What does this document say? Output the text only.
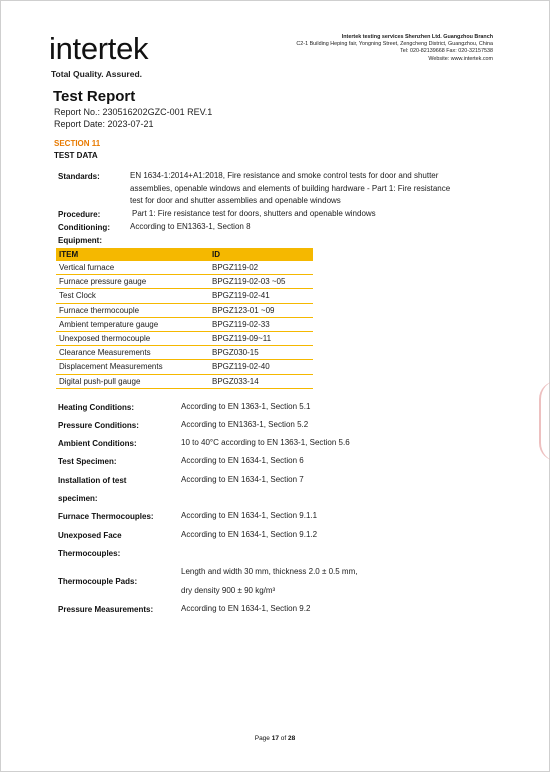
intertek
Total Quality. Assured.
Intertek testing services Shenzhen Ltd. Guangzhou Branch
C2-1 Building Heping fair, Yongning Street, Zengcheng District, Guangzhou, China
Tel: 020-82139668 Fax: 020-32157538
Website: www.intertek.com
Test Report
Report No.: 230516202GZC-001 REV.1
Report Date: 2023-07-21
SECTION 11
TEST DATA
Standards:	EN 1634-1:2014+A1:2018, Fire resistance and smoke control tests for door and shutter
assemblies, openable windows and elements of building hardware - Part 1: Fire resistance
test for door and shutter assemblies and openable windows
Procedure:	Part 1: Fire resistance test for doors, shutters and openable windows
Conditioning:	According to EN1363-1, Section 8
Equipment:
ITEM	ID
Vertical furnace	BPGZ119-02
Furnace pressure gauge	BPGZ119-02-03 ~05
Test Clock	BPGZ119-02-41
Furnace thermocouple	BPGZ123-01 ~09
Ambient temperature gauge	BPGZ119-02-33
Unexposed thermocouple	BPGZ119-09~11
Clearance Measurements	BPGZ030-15
Displacement Measurements	BPGZ119-02-40
Digital push-pull gauge	BPGZ033-14
Heating Conditions:	According to EN 1363-1, Section 5.1
Pressure Conditions:	According to EN1363-1, Section 5.2
Ambient Conditions:	10 to 40°C according to EN 1363-1, Section 5.6
Test Specimen:	According to EN 1634-1, Section 6
Installation of test
specimen:
According to EN 1634-1, Section 7
Furnace Thermocouples:	According to EN 1634-1, Section 9.1.1
Unexposed Face
Thermocouples:
According to EN 1634-1, Section 9.1.2
Thermocouple Pads:
Length and width 30 mm, thickness 2.0 ± 0.5 mm,
dry density 900 ± 90 kg/m³
Pressure Measurements:	According to EN 1634-1, Section 9.2
Page 17 of 28
